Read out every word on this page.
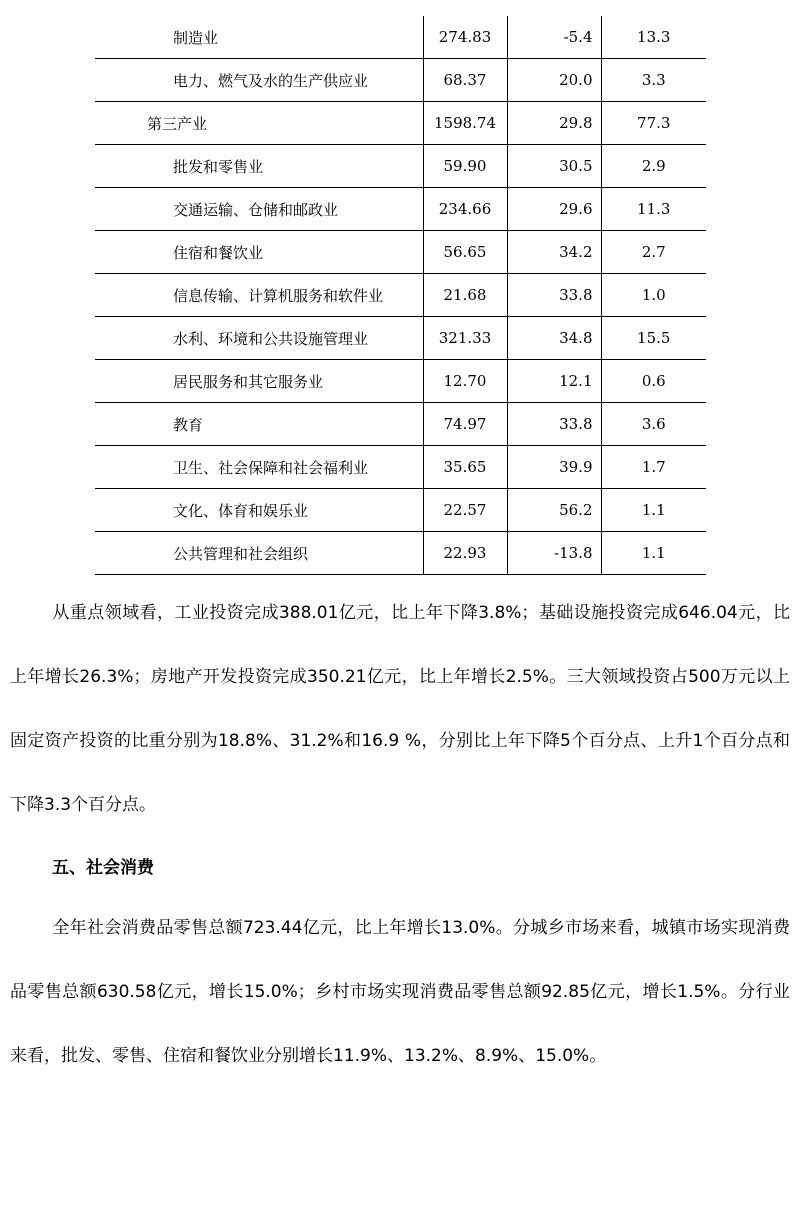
制造业	274.83	-5.4	13.3
电力、燃气及水的生产供应业	68.37	20.0	3.3
第三产业	1598.74	29.8	77.3
批发和零售业	59.90	30.5	2.9
交通运输、仓储和邮政业	234.66	29.6	11.3
住宿和餐饮业	56.65	34.2	2.7
信息传输、计算机服务和软件业	21.68	33.8	1.0
水利、环境和公共设施管理业	321.33	34.8	15.5
居民服务和其它服务业	12.70	12.1	0.6
教育	74.97	33.8	3.6
卫生、社会保障和社会福利业	35.65	39.9	1.7
文化、体育和娱乐业	22.57	56.2	1.1
公共管理和社会组织	22.93	-13.8	1.1
从重点领域看，工业投资完成388.01亿元，比上年下降3.8%；基础设施投资完成646.04元，比上年增长26.3%；房地产开发投资完成350.21亿元，比上年增长2.5%。三大领域投资占500万元以上固定资产投资的比重分别为18.8%、31.2%和16.9 %，分别比上年下降5个百分点、上升1个百分点和下降3.3个百分点。
五、社会消费
全年社会消费品零售总额723.44亿元，比上年增长13.0%。分城乡市场来看，城镇市场实现消费品零售总额630.58亿元，增长15.0%；乡村市场实现消费品零售总额92.85亿元，增长1.5%。分行业来看，批发、零售、住宿和餐饮业分别增长11.9%、13.2%、8.9%、15.0%。
